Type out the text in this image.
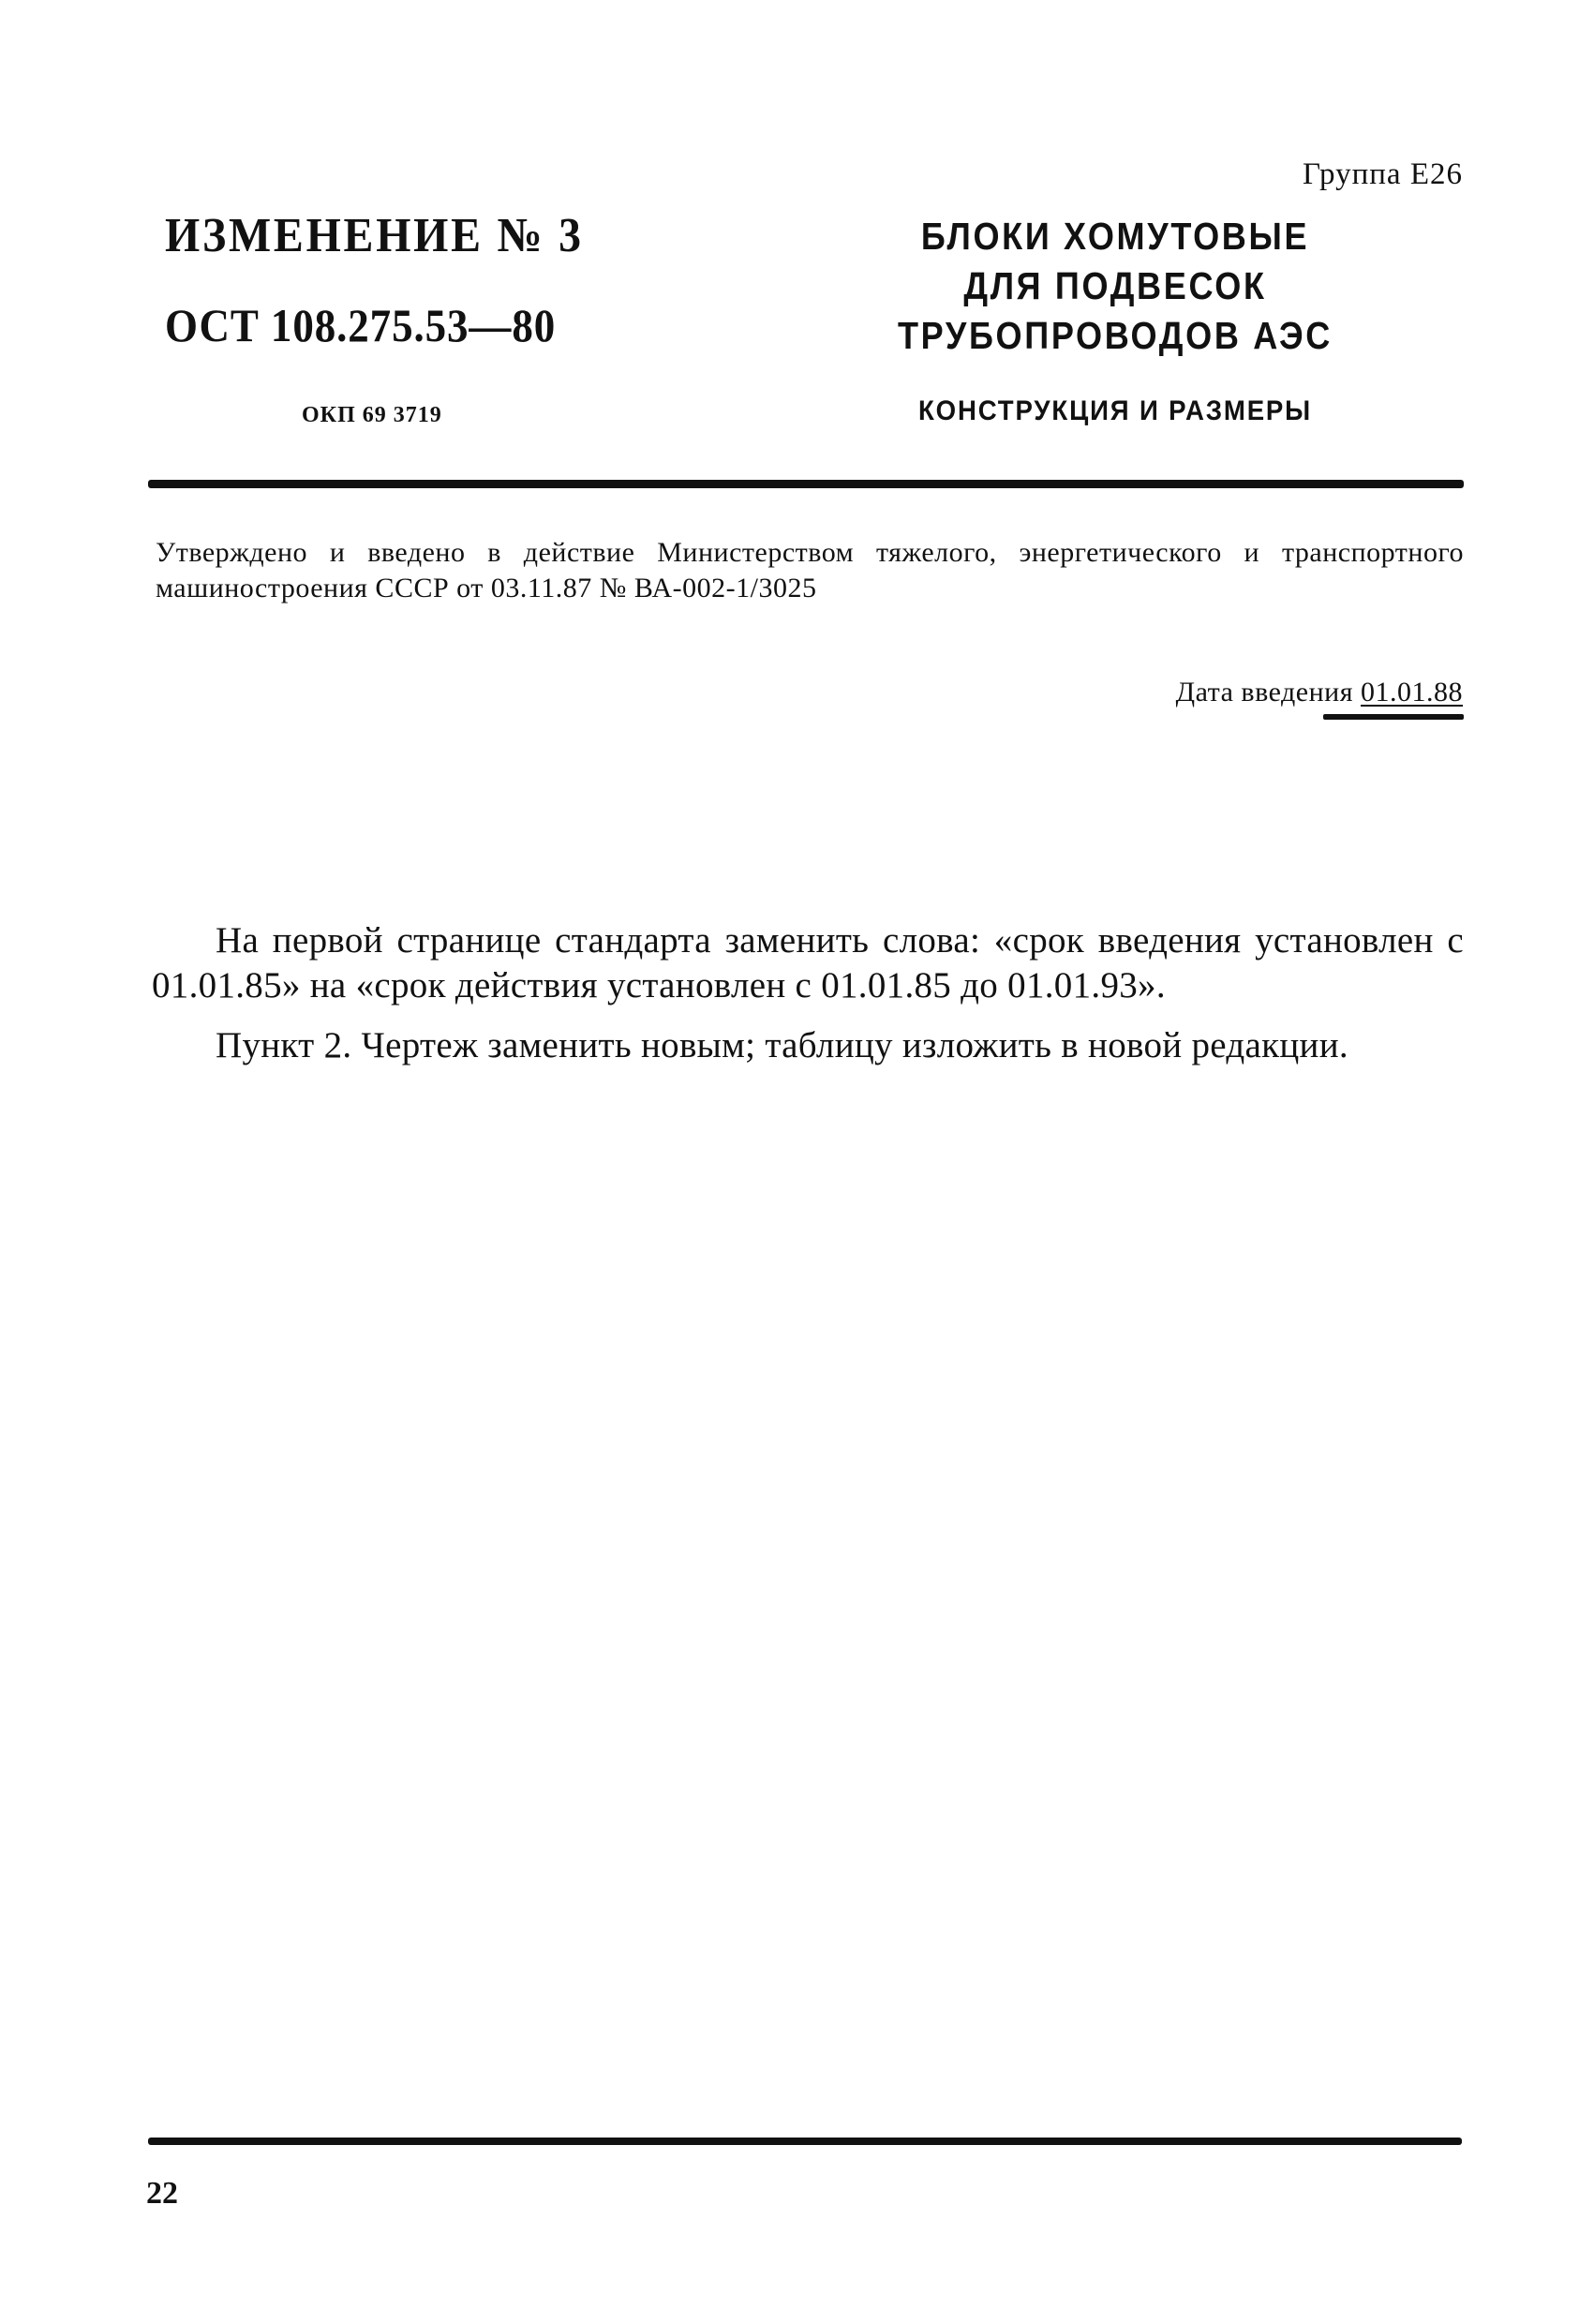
Группа Е26
ИЗМЕНЕНИЕ № 3
ОСТ 108.275.53—80
ОКП 69 3719
БЛОКИ ХОМУТОВЫЕ
ДЛЯ ПОДВЕСОК
ТРУБОПРОВОДОВ АЭС
КОНСТРУКЦИЯ И РАЗМЕРЫ
Утверждено и введено в действие Министерством тяжелого, энергетического и транспортного машиностроения СССР от 03.11.87 № ВА-002-1/3025
Дата введения 01.01.88

На первой странице стандарта заменить слова: «срок введения установлен с 01.01.85» на «срок действия установлен с 01.01.85 до 01.01.93».

Пункт 2. Чертеж заменить новым; таблицу изложить в новой редакции.

22
